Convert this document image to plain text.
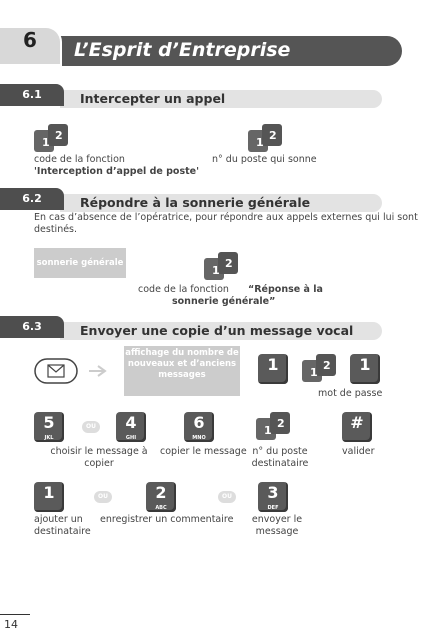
6	L’Esprit d’Entreprise
6.1	Intercepter un appel
1
2
1
2
code de la fonction
'Interception d’appel de poste'
n° du poste qui sonne
6.2	Répondre à la sonnerie générale
En cas d’absence de l’opératrice, pour répondre aux appels externes qui lui sont
destinés.
sonnerie générale
1
2
code de la fonction “Réponse à la
sonnerie générale”
6.3	Envoyer une copie d’un message vocal
affichage du nombre de
nouveaux et d’anciens
messages
1	1
2	1
mot de passe
5
JKL
OU	4
GHI
6
MNO
1
2	#
choisir le message à
copier
copier le message n° du poste
destinataire
valider
1	OU	2
ABC
OU	3
DEF
ajouter un
destinataire
enregistrer un commentaire envoyer le
message
14
